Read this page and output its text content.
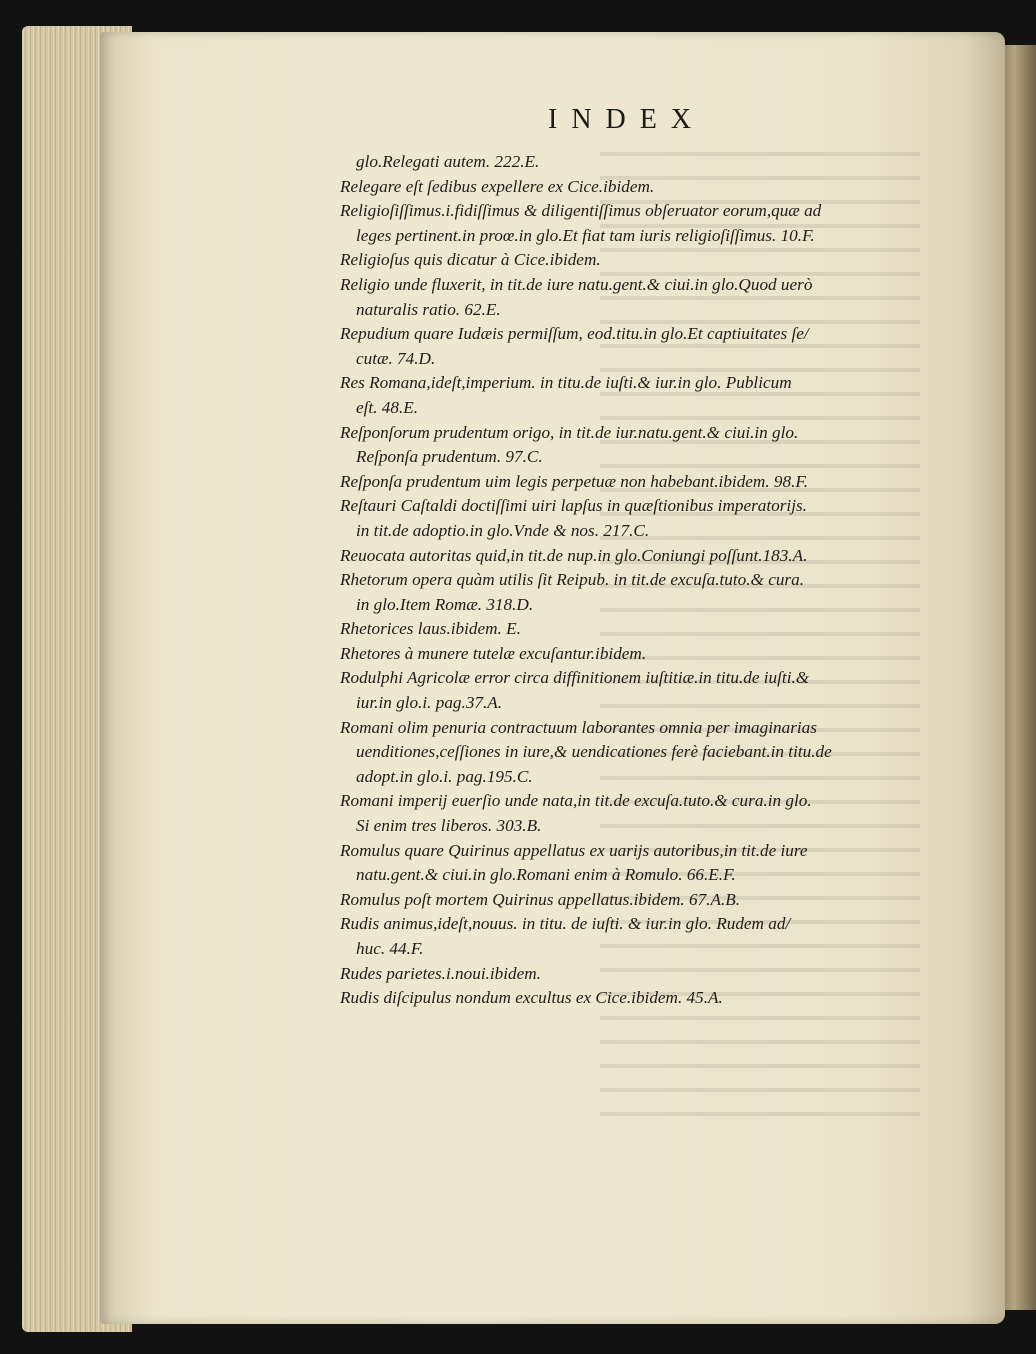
INDEX
glo.Relegati autem. 222.E.
Relegare eſt ſedibus expellere ex Cice.ibidem.
Religioſiſſimus.i.fidiſſimus & diligentiſſimus obſeruator eorum,quæ ad
leges pertinent.in proœ.in glo.Et fiat tam iuris religioſiſſimus. 10.F.
Religioſus quis dicatur à Cice.ibidem.
Religio unde fluxerit, in tit.de iure natu.gent.& ciui.in glo.Quod uerò
naturalis ratio. 62.E.
Repudium quare Iudæis permiſſum, eod.titu.in glo.Et captiuitates ſe/
cutæ. 74.D.
Res Romana,ideſt,imperium. in titu.de iuſti.& iur.in glo. Publicum
eſt. 48.E.
Reſponſorum prudentum origo, in tit.de iur.natu.gent.& ciui.in glo.
Reſponſa prudentum. 97.C.
Reſponſa prudentum uim legis perpetuæ non habebant.ibidem. 98.F.
Reſtauri Caſtaldi doctiſſimi uiri lapſus in quæſtionibus imperatorijs.
in tit.de adoptio.in glo.Vnde & nos. 217.C.
Reuocata autoritas quid,in tit.de nup.in glo.Coniungi poſſunt.183.A.
Rhetorum opera quàm utilis ſit Reipub. in tit.de excuſa.tuto.& cura.
in glo.Item Romæ. 318.D.
Rhetorices laus.ibidem. E.
Rhetores à munere tutelæ excuſantur.ibidem.
Rodulphi Agricolæ error circa diffinitionem iuſtitiæ.in titu.de iuſti.&
iur.in glo.i. pag.37.A.
Romani olim penuria contractuum laborantes omnia per imaginarias
uenditiones,ceſſiones in iure,& uendicationes ferè faciebant.in titu.de
adopt.in glo.i. pag.195.C.
Romani imperij euerſio unde nata,in tit.de excuſa.tuto.& cura.in glo.
Si enim tres liberos. 303.B.
Romulus quare Quirinus appellatus ex uarijs autoribus,in tit.de iure
natu.gent.& ciui.in glo.Romani enim à Romulo. 66.E.F.
Romulus poſt mortem Quirinus appellatus.ibidem. 67.A.B.
Rudis animus,ideſt,nouus. in titu. de iuſti. & iur.in glo. Rudem ad/
huc. 44.F.
Rudes parietes.i.noui.ibidem.
Rudis diſcipulus nondum excultus ex Cice.ibidem. 45.A.
